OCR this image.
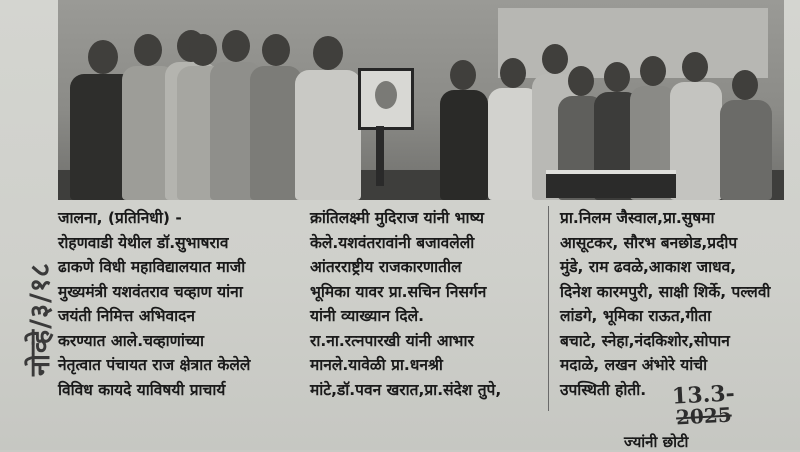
नोव्हे/३/१८
जालना, (प्रतिनिधी) -
रोहणवाडी येथील डॉ.सुभाषराव
ढाकणे विधी महाविद्यालयात माजी
मुख्यमंत्री यशवंतराव चव्हाण यांना
जयंती निमित्त अभिवादन
करण्यात आले.चव्हाणांच्या
नेतृत्वात पंचायत राज क्षेत्रात केलेले
विविध कायदे याविषयी प्राचार्य
क्रांतिलक्ष्मी मुदिराज यांनी भाष्य
केले.यशवंतरावांनी बजावलेली
आंतरराष्ट्रीय राजकारणातील
भूमिका यावर प्रा.सचिन निसर्गन
यांनी व्याख्यान दिले.
रा.ना.रत्नपारखी यांनी आभार
मानले.यावेळी प्रा.धनश्री
मांटे,डॉ.पवन खरात,प्रा.संदेश तुपे,
प्रा.निलम जैस्वाल,प्रा.सुषमा
आसूटकर, सौरभ बनछोड,प्रदीप
मुंडे, राम ढवळे,आकाश जाधव,
दिनेश कारमपुरी, साक्षी शिर्के, पल्लवी
लांडगे, भूमिका राऊत,गीता
बचाटे, स्नेहा,नंदकिशोर,सोपान
मदाळे, लखन अंभोरे यांची
उपस्थिती होती.	13.3-
2025
ज्यांनी छोटी
